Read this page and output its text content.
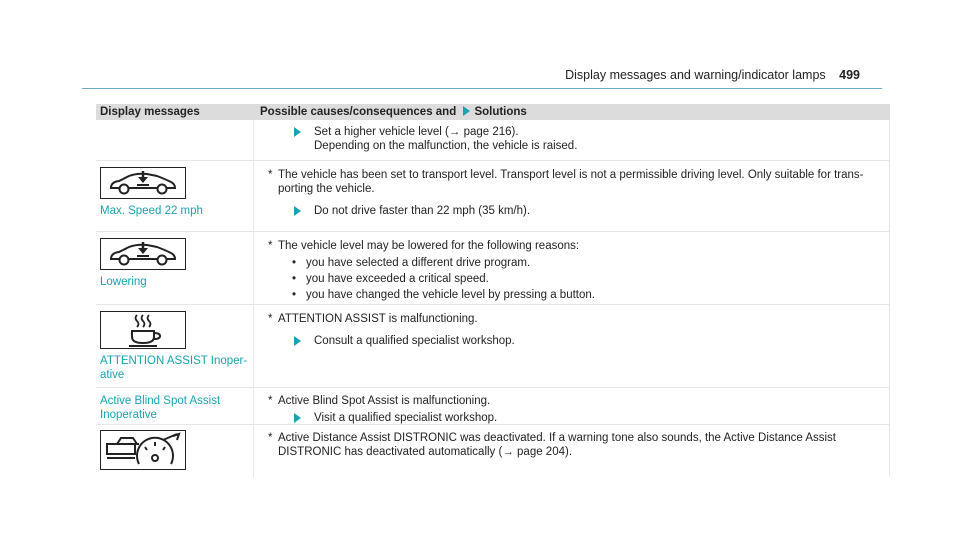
Display messages and warning/indicator lamps 499
Display messages	Possible causes/consequences and Solutions
Set a higher vehicle level (→ page 216).
Depending on the malfunction, the vehicle is raised.
Max. Speed 22 mph
* The vehicle has been set to transport level. Transport level is not a permissible driving level. Only suitable for trans-
porting the vehicle.
Do not drive faster than 22 mph (35 km/h).
Lowering
* The vehicle level may be lowered for the following reasons:
• you have selected a different drive program.
• you have exceeded a critical speed.
• you have changed the vehicle level by pressing a button.
ATTENTION ASSIST Inoper-
ative
* ATTENTION ASSIST is malfunctioning.
Consult a qualified specialist workshop.
Active Blind Spot Assist
Inoperative
* Active Blind Spot Assist is malfunctioning.
Visit a qualified specialist workshop.
* Active Distance Assist DISTRONIC was deactivated. If a warning tone also sounds, the Active Distance Assist
DISTRONIC has deactivated automatically (→ page 204).
